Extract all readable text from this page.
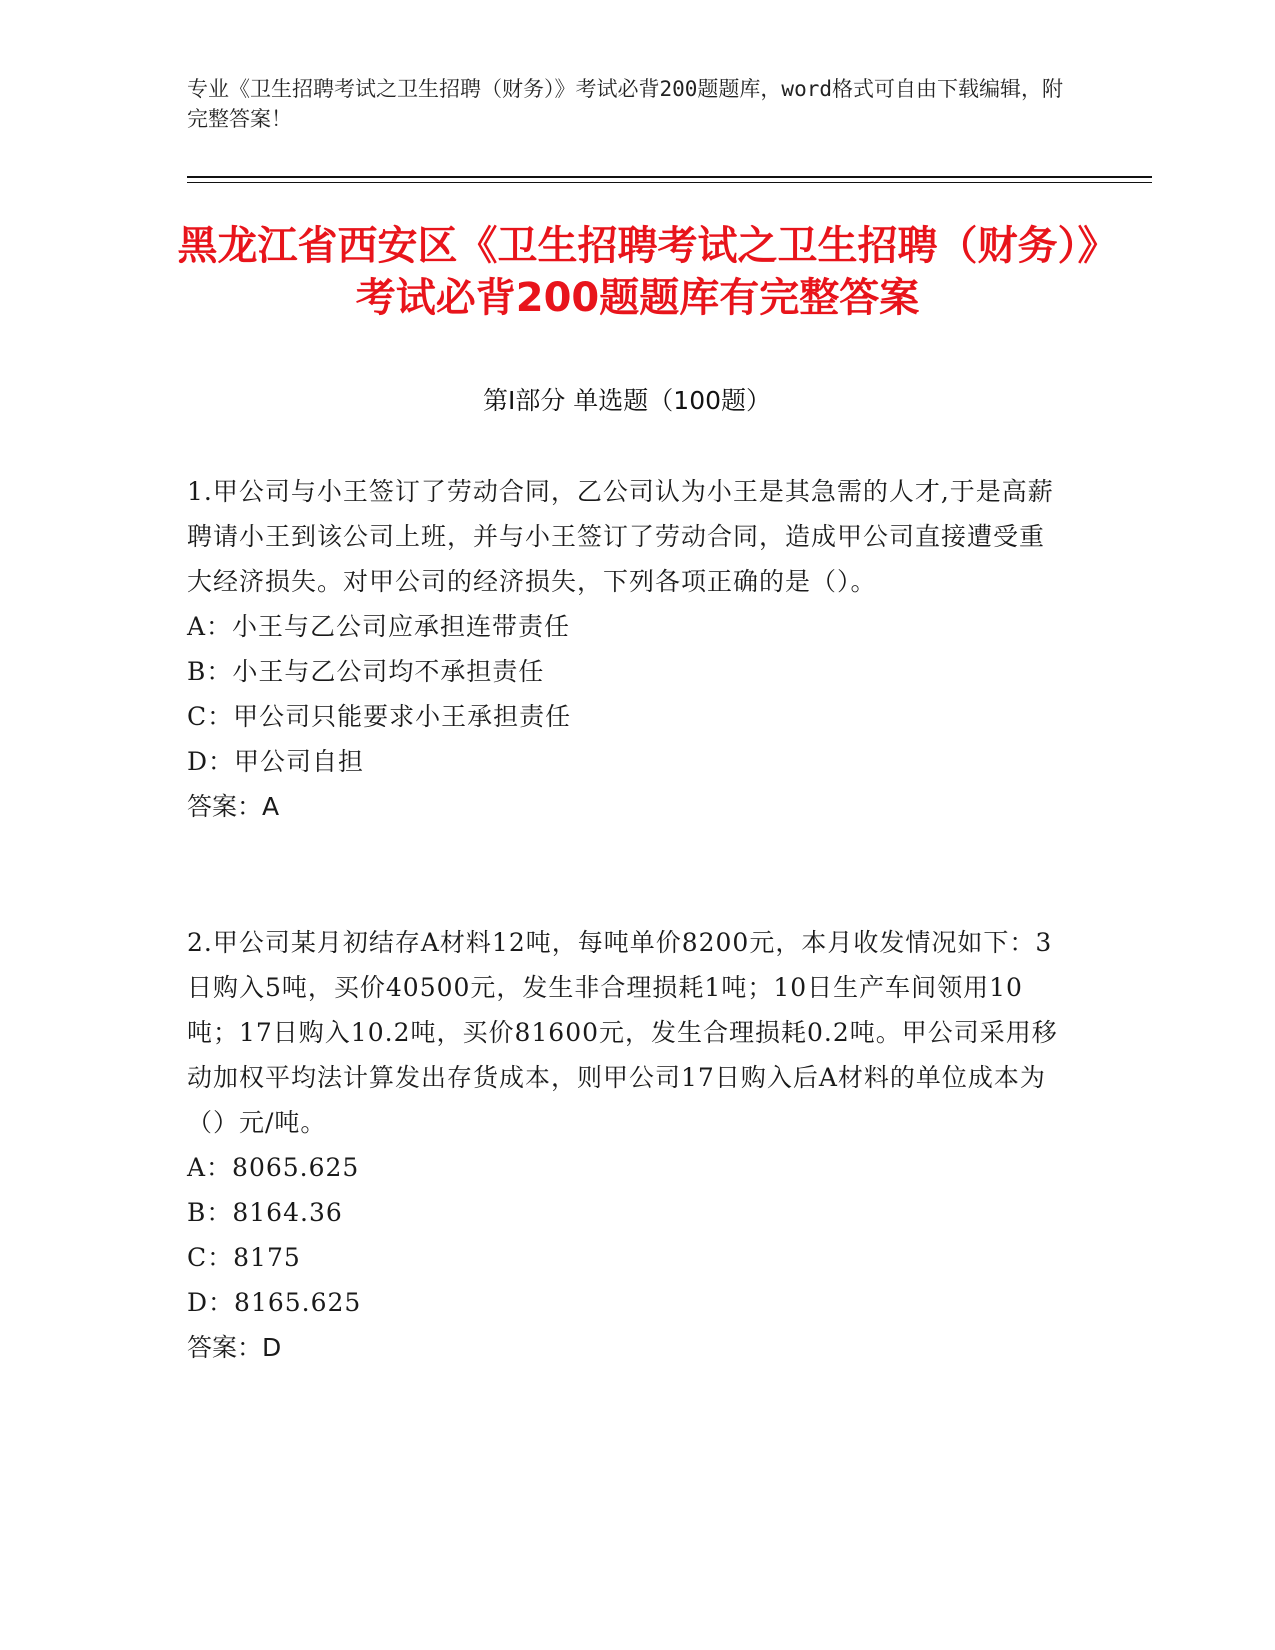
专业《卫生招聘考试之卫生招聘（财务）》考试必背200题题库，word格式可自由下载编辑，附完整答案！
黑龙江省西安区《卫生招聘考试之卫生招聘（财务）》考试必背200题题库有完整答案
第Ⅰ部分 单选题（100题）
1.甲公司与小王签订了劳动合同，乙公司认为小王是其急需的人才,于是高薪聘请小王到该公司上班，并与小王签订了劳动合同，造成甲公司直接遭受重大经济损失。对甲公司的经济损失，下列各项正确的是（）。
A：小王与乙公司应承担连带责任
B：小王与乙公司均不承担责任
C：甲公司只能要求小王承担责任
D：甲公司自担
答案：A
2.甲公司某月初结存A材料12吨，每吨单价8200元，本月收发情况如下：3日购入5吨，买价40500元，发生非合理损耗1吨；10日生产车间领用10吨；17日购入10.2吨，买价81600元，发生合理损耗0.2吨。甲公司采用移动加权平均法计算发出存货成本，则甲公司17日购入后A材料的单位成本为（）元/吨。
A：8065.625
B：8164.36
C：8175
D：8165.625
答案：D
